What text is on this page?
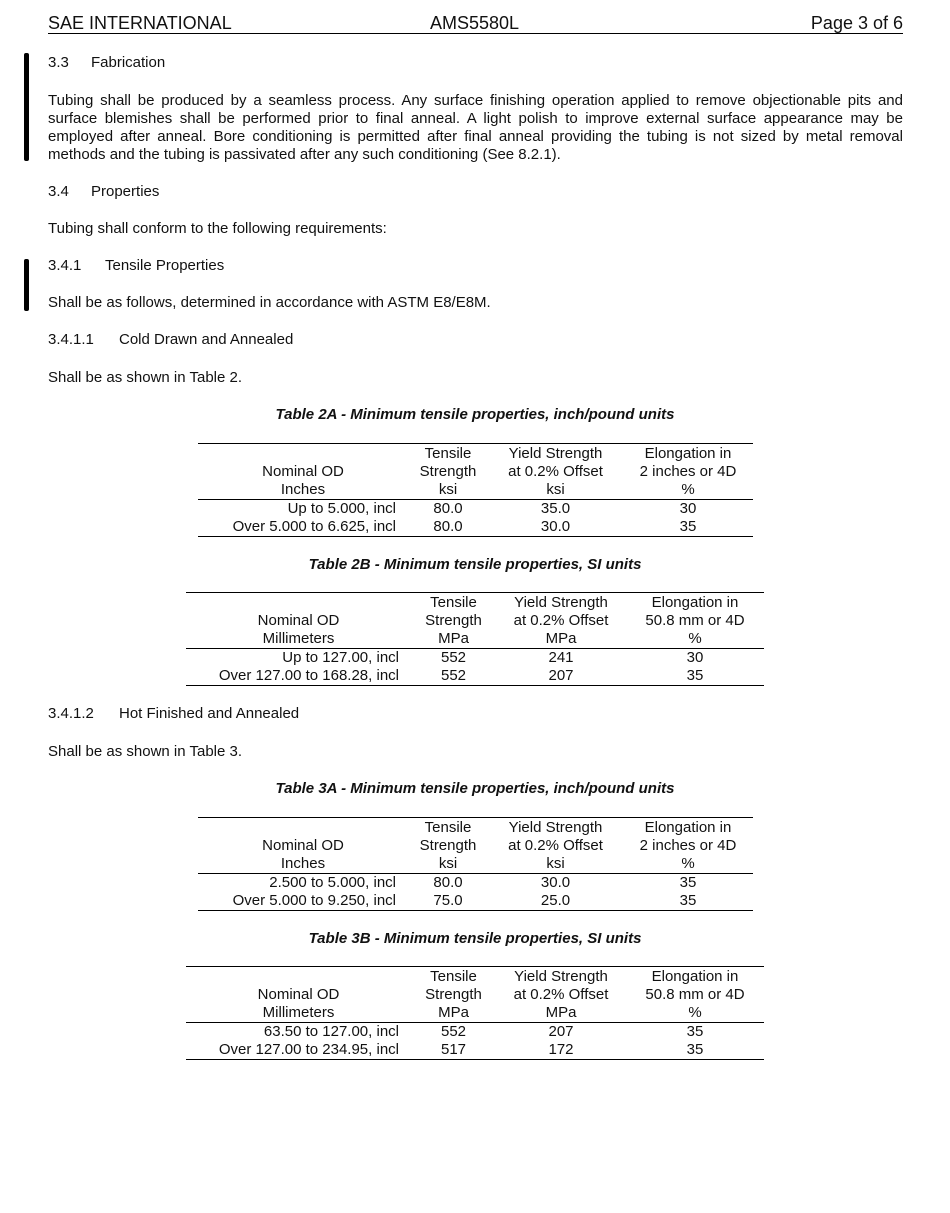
SAE INTERNATIONAL	AMS5580L	Page 3 of 6
3.3 Fabrication
Tubing shall be produced by a seamless process. Any surface finishing operation applied to remove objectionable pits and surface blemishes shall be performed prior to final anneal. A light polish to improve external surface appearance may be employed after anneal. Bore conditioning is permitted after final anneal providing the tubing is not sized by metal removal methods and the tubing is passivated after any such conditioning (See 8.2.1).
3.4 Properties
Tubing shall conform to the following requirements:
3.4.1 Tensile Properties
Shall be as follows, determined in accordance with ASTM E8/E8M.
3.4.1.1 Cold Drawn and Annealed
Shall be as shown in Table 2.
Table 2A - Minimum tensile properties, inch/pound units
	Tensile	Yield Strength	Elongation in
Nominal OD	Strength	at 0.2% Offset	2 inches or 4D
Inches	ksi	ksi	%
Up to 5.000, incl	80.0	35.0	30
Over 5.000 to 6.625, incl	80.0	30.0	35
Table 2B - Minimum tensile properties, SI units
	Tensile	Yield Strength	Elongation in
Nominal OD	Strength	at 0.2% Offset	50.8 mm or 4D
Millimeters	MPa	MPa	%
Up to 127.00, incl	552	241	30
Over 127.00 to 168.28, incl	552	207	35
3.4.1.2 Hot Finished and Annealed
Shall be as shown in Table 3.
Table 3A - Minimum tensile properties, inch/pound units
	Tensile	Yield Strength	Elongation in
Nominal OD	Strength	at 0.2% Offset	2 inches or 4D
Inches	ksi	ksi	%
2.500 to 5.000, incl	80.0	30.0	35
Over 5.000 to 9.250, incl	75.0	25.0	35
Table 3B - Minimum tensile properties, SI units
	Tensile	Yield Strength	Elongation in
Nominal OD	Strength	at 0.2% Offset	50.8 mm or 4D
Millimeters	MPa	MPa	%
63.50 to 127.00, incl	552	207	35
Over 127.00 to 234.95, incl	517	172	35
